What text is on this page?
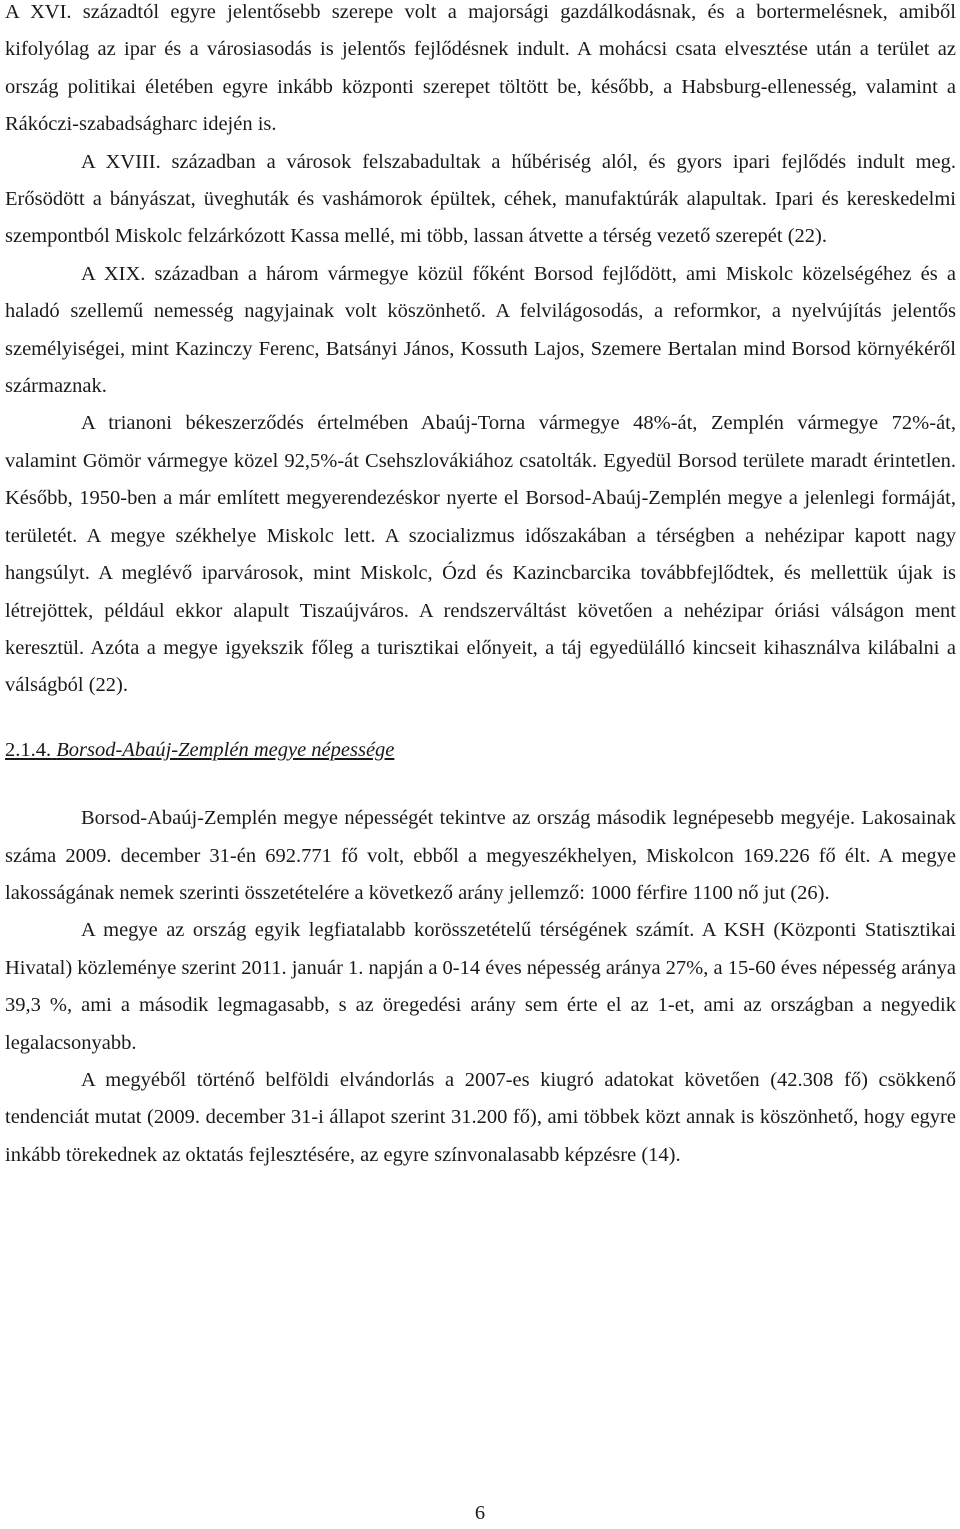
A XVI. századtól egyre jelentősebb szerepe volt a majorsági gazdálkodásnak, és a bortermelésnek, amiből kifolyólag az ipar és a városiasodás is jelentős fejlődésnek indult. A mohácsi csata elvesztése után a terület az ország politikai életében egyre inkább központi szerepet töltött be, később, a Habsburg-ellenesség, valamint a Rákóczi-szabadságharc idején is.

A XVIII. században a városok felszabadultak a hűbériség alól, és gyors ipari fejlődés indult meg. Erősödött a bányászat, üveghuták és vashámorok épültek, céhek, manufaktúrák alapultak. Ipari és kereskedelmi szempontból Miskolc felzárkózott Kassa mellé, mi több, lassan átvette a térség vezető szerepét (22).

A XIX. században a három vármegye közül főként Borsod fejlődött, ami Miskolc közelségéhez és a haladó szellemű nemesség nagyjainak volt köszönhető. A felvilágosodás, a reformkor, a nyelvújítás jelentős személyiségei, mint Kazinczy Ferenc, Batsányi János, Kossuth Lajos, Szemere Bertalan mind Borsod környékéről származnak.

A trianoni békeszerződés értelmében Abaúj-Torna vármegye 48%-át, Zemplén vármegye 72%-át, valamint Gömör vármegye közel 92,5%-át Csehszlovákiához csatolták. Egyedül Borsod területe maradt érintetlen. Később, 1950-ben a már említett megyerendezéskor nyerte el Borsod-Abaúj-Zemplén megye a jelenlegi formáját, területét. A megye székhelye Miskolc lett. A szocializmus időszakában a térségben a nehézipar kapott nagy hangsúlyt. A meglévő iparvárosok, mint Miskolc, Ózd és Kazincbarcika továbbfejlődtek, és mellettük újak is létrejöttek, például ekkor alapult Tiszaújváros. A rendszerváltást követően a nehézipar óriási válságon ment keresztül. Azóta a megye igyekszik főleg a turisztikai előnyeit, a táj egyedülálló kincseit kihasználva kilábalni a válságból (22).

2.1.4. Borsod-Abaúj-Zemplén megye népessége

Borsod-Abaúj-Zemplén megye népességét tekintve az ország második legnépesebb megyéje. Lakosainak száma 2009. december 31-én 692.771 fő volt, ebből a megyeszékhelyen, Miskolcon 169.226 fő élt. A megye lakosságának nemek szerinti összetételére a következő arány jellemző: 1000 férfire 1100 nő jut (26).

A megye az ország egyik legfiatalabb korösszetételű térségének számít. A KSH (Központi Statisztikai Hivatal) közleménye szerint 2011. január 1. napján a 0-14 éves népesség aránya 27%, a 15-60 éves népesség aránya 39,3 %, ami a második legmagasabb, s az öregedési arány sem érte el az 1-et, ami az országban a negyedik legalacsonyabb.

A megyéből történő belföldi elvándorlás a 2007-es kiugró adatokat követően (42.308 fő) csökkenő tendenciát mutat (2009. december 31-i állapot szerint 31.200 fő), ami többek közt annak is köszönhető, hogy egyre inkább törekednek az oktatás fejlesztésére, az egyre színvonalasabb képzésre (14).

6
